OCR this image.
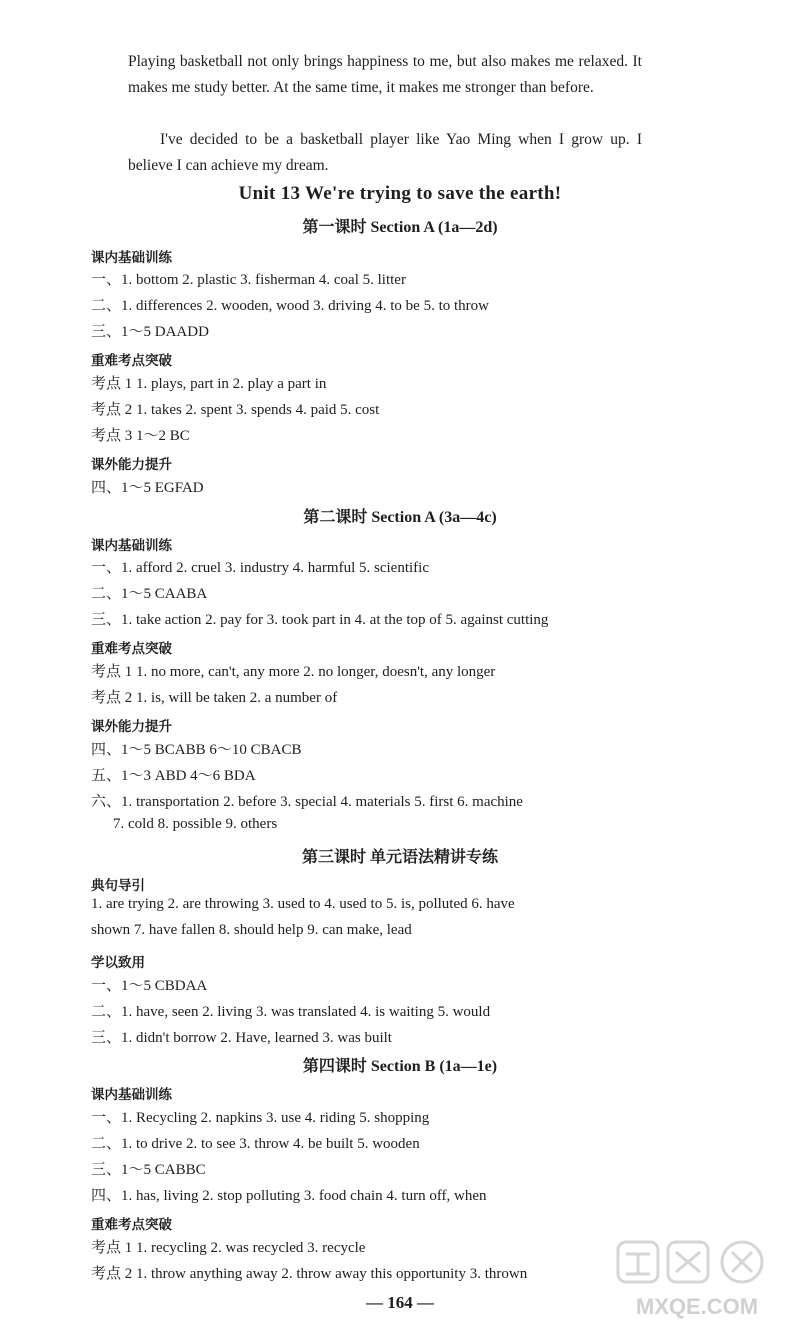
Playing basketball not only brings happiness to me, but also makes me relaxed. It makes me study better. At the same time, it makes me stronger than before.

I've decided to be a basketball player like Yao Ming when I grow up. I believe I can achieve my dream.

Unit 13 We're trying to save the earth!
第一课时 Section A (1a—2d)

课内基础训练

一、1. bottom 2. plastic 3. fisherman 4. coal 5. litter

二、1. differences 2. wooden, wood 3. driving 4. to be 5. to throw

三、1～5 DAADD

重难考点突破

考点 1 1. plays, part in 2. play a part in

考点 2 1. takes 2. spent 3. spends 4. paid 5. cost

考点 3 1～2 BC

课外能力提升

四、1～5 EGFAD

第二课时 Section A (3a—4c)

课内基础训练

一、1. afford 2. cruel 3. industry 4. harmful 5. scientific

二、1～5 CAABA

三、1. take action 2. pay for 3. took part in 4. at the top of 5. against cutting

重难考点突破

考点 1 1. no more, can't, any more 2. no longer, doesn't, any longer

考点 2 1. is, will be taken 2. a number of

课外能力提升

四、1～5 BCABB 6～10 CBACB

五、1～3 ABD 4～6 BDA

六、1. transportation 2. before 3. special 4. materials 5. first 6. machine

7. cold 8. possible 9. others

第三课时 单元语法精讲专练

典句导引

1. are trying 2. are throwing 3. used to 4. used to 5. is, polluted 6. have

shown 7. have fallen 8. should help 9. can make, lead

学以致用

一、1～5 CBDAA

二、1. have, seen 2. living 3. was translated 4. is waiting 5. would

三、1. didn't borrow 2. Have, learned 3. was built

第四课时 Section B (1a—1e)

课内基础训练

一、1. Recycling 2. napkins 3. use 4. riding 5. shopping

二、1. to drive 2. to see 3. throw 4. be built 5. wooden

三、1～5 CABBC

四、1. has, living 2. stop polluting 3. food chain 4. turn off, when

重难考点突破

考点 1 1. recycling 2. was recycled 3. recycle

考点 2 1. throw anything away 2. throw away this opportunity 3. thrown

— 164 —	MXQE.COM
